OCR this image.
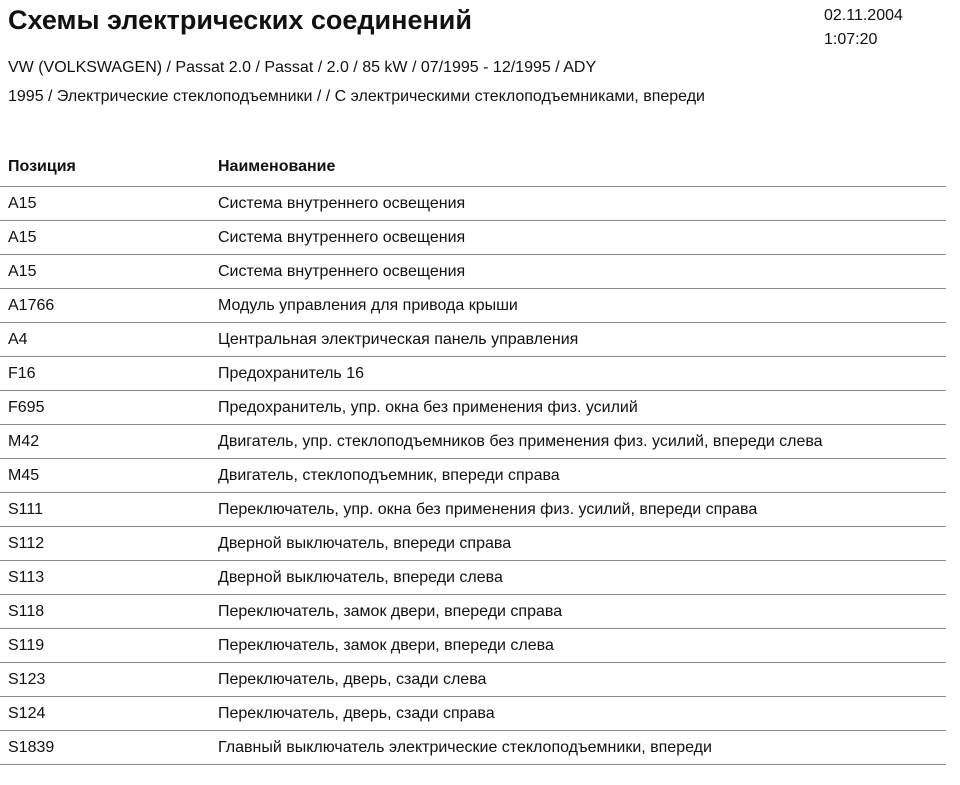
Схемы электрических соединений	02.11.2004
1:07:20
VW (VOLKSWAGEN) / Passat 2.0 / Passat / 2.0 / 85 kW / 07/1995 - 12/1995 / ADY
1995 / Электрические стеклоподъемники / / С электрическими стеклоподъемниками, впереди
Позиция	Наименование
A15	Система внутреннего освещения
A15	Система внутреннего освещения
A15	Система внутреннего освещения
A1766	Модуль управления для привода крыши
A4	Центральная электрическая панель управления
F16	Предохранитель 16
F695	Предохранитель, упр. окна без применения физ. усилий
M42	Двигатель, упр. стеклоподъемников без применения физ. усилий, впереди слева
M45	Двигатель, стеклоподъемник, впереди справа
S111	Переключатель, упр. окна без применения физ. усилий, впереди справа
S112	Дверной выключатель, впереди справа
S113	Дверной выключатель, впереди слева
S118	Переключатель, замок двери, впереди справа
S119	Переключатель, замок двери, впереди слева
S123	Переключатель, дверь, сзади слева
S124	Переключатель, дверь, сзади справа
S1839	Главный выключатель электрические стеклоподъемники, впереди
